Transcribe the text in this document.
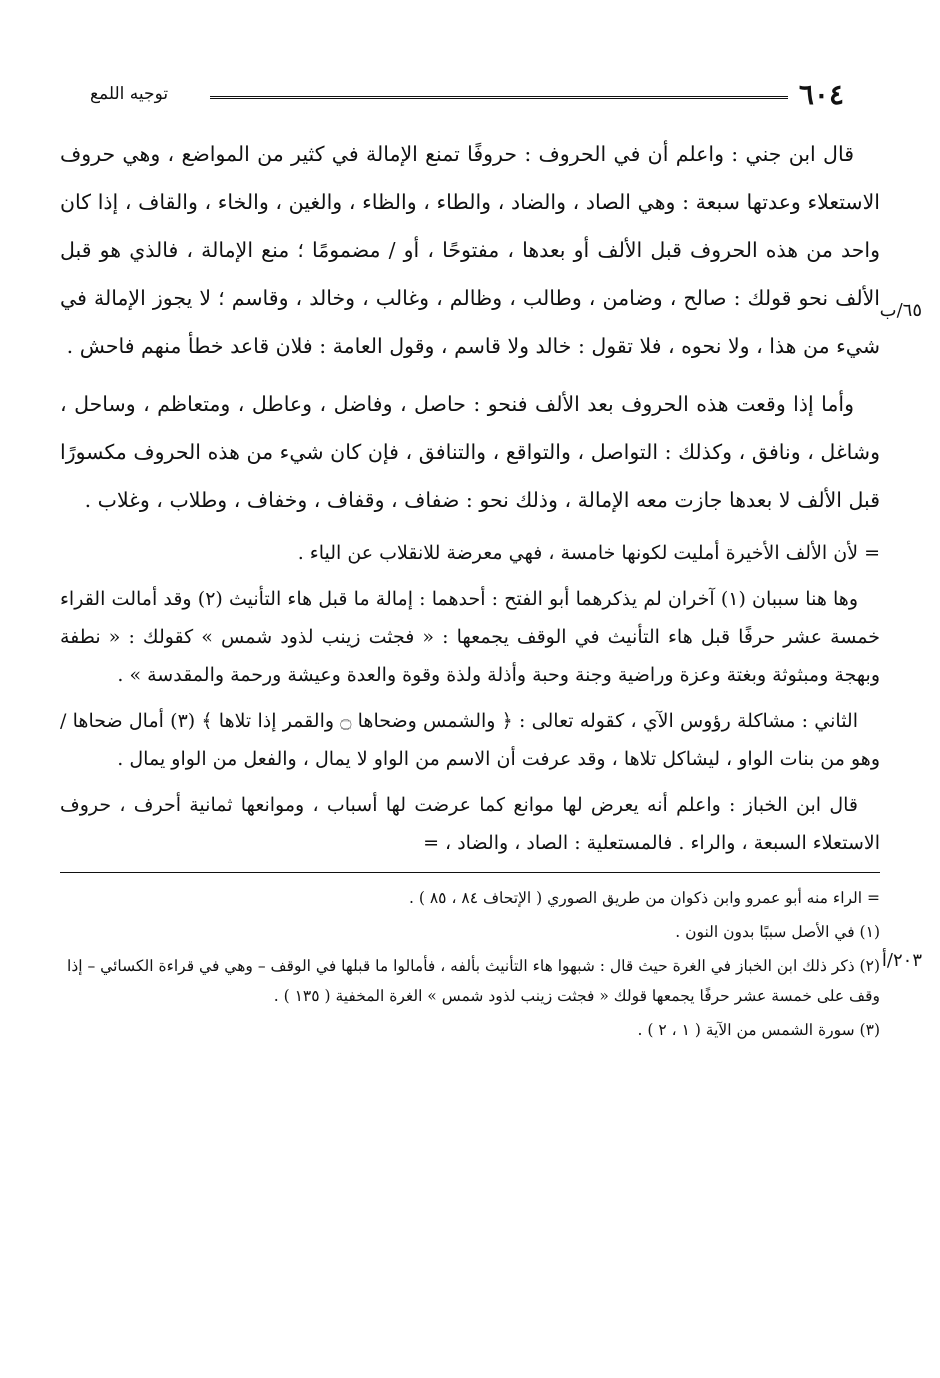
٦٠٤
توجيه اللمع
٦٥/ب
٢٠٣/أ

قال ابن جني : واعلم أن في الحروف : حروفًا تمنع الإمالة في كثير من المواضع ، وهي حروف الاستعلاء وعدتها سبعة : وهي الصاد ، والضاد ، والطاء ، والظاء ، والغين ، والخاء ، والقاف ، إذا كان واحد من هذه الحروف قبل الألف أو بعدها ، مفتوحًا ، أو / مضمومًا ؛ منع الإمالة ، فالذي هو قبل الألف نحو قولك : صالح ، وضامن ، وطالب ، وظالم ، وغالب ، وخالد ، وقاسم ؛ لا يجوز الإمالة في شيء من هذا ، ولا نحوه ، فلا تقول : خالد ولا قاسم ، وقول العامة : فلان قاعد خطأ منهم فاحش .

وأما إذا وقعت هذه الحروف بعد الألف فنحو : حاصل ، وفاضل ، وعاطل ، ومتعاظم ، وساحل ، وشاغل ، ونافق ، وكذلك : التواصل ، والتواقع ، والتنافق ، فإن كان شيء من هذه الحروف مكسورًا قبل الألف لا بعدها جازت معه الإمالة ، وذلك نحو : ضفاف ، وقفاف ، وخفاف ، وطلاب ، وغلاب .

= لأن الألف الأخيرة أمليت لكونها خامسة ، فهي معرضة للانقلاب عن الياء .

وها هنا سببان (١) آخران لم يذكرهما أبو الفتح : أحدهما : إمالة ما قبل هاء التأنيث (٢) وقد أمالت القراء خمسة عشر حرفًا قبل هاء التأنيث في الوقف يجمعها : « فجثت زينب لذود شمس » كقولك : « نطفة وبهجة ومبثوثة وبغتة وعزة وراضية وجنة وحبة وأذلة ولذة وقوة والعدة وعيشة ورحمة والمقدسة » .

الثاني : مشاكلة رؤوس الآي ، كقوله تعالى : ﴿ والشمس وضحاها ۝ والقمر إذا تلاها ﴾ (٣) أمال ضحاها / وهو من بنات الواو ، ليشاكل تلاها ، وقد عرفت أن الاسم من الواو لا يمال ، والفعل من الواو يمال .

قال ابن الخباز : واعلم أنه يعرض لها موانع كما عرضت لها أسباب ، وموانعها ثمانية أحرف ، حروف الاستعلاء السبعة ، والراء . فالمستعلية : الصاد ، والضاد ، =

= الراء منه أبو عمرو وابن ذكوان من طريق الصوري ( الإتحاف ٨٤ ، ٨٥ ) .

(١) في الأصل سببًا بدون النون .

(٢) ذكر ذلك ابن الخباز في الغرة حيث قال : شبهوا هاء التأنيث بألفه ، فأمالوا ما قبلها في الوقف – وهي في قراءة الكسائي – إذا وقف على خمسة عشر حرفًا يجمعها قولك « فجثت زينب لذود شمس » الغرة المخفية ( ١٣٥ ) .

(٣) سورة الشمس من الآية ( ١ ، ٢ ) .
